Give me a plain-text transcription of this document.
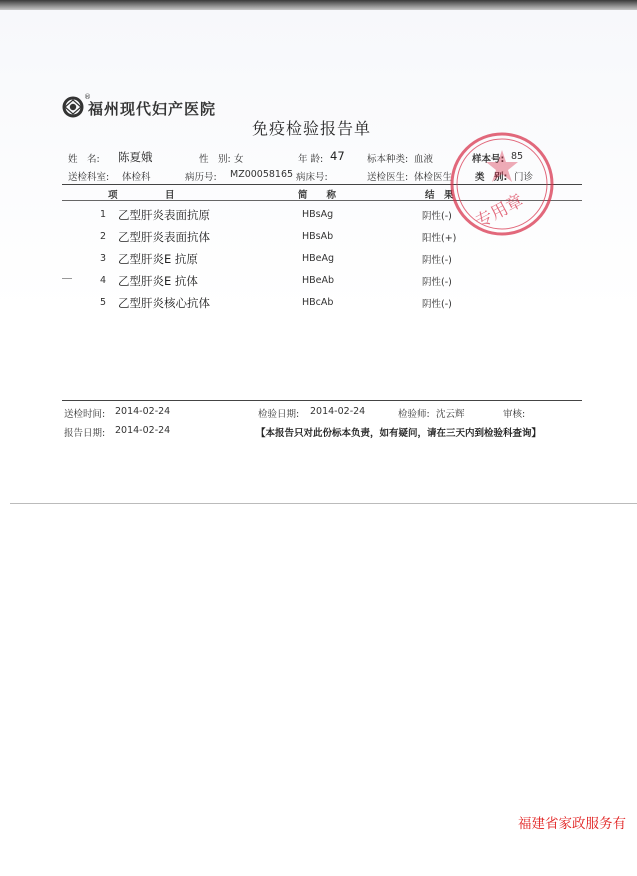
®
福州现代妇产医院
免疫检验报告单
姓　名: 陈夏娥	性　别: 女	年 龄: 47 标本种类: 血液	样本号: 85
送检科室: 体检科	病历号: MZ00058165 病床号:	送检医生: 体检医生 类　别: 门诊
项　　　　　目	简　　称	结　果
1 乙型肝炎表面抗原	HBsAg	阴性(-)
2 乙型肝炎表面抗体	HBsAb	阳性(+)
3 乙型肝炎E 抗原	HBeAg	阴性(-)
4 乙型肝炎E 抗体	HBeAb	阴性(-)
5 乙型肝炎核心抗体	HBcAb	阴性(-)
送检时间: 2014-02-24	检验日期: 2014-02-24	检验师: 沈云辉	审核:
报告日期: 2014-02-24	【本报告只对此份标本负责，如有疑问，请在三天内到检验科查询】
专用章
福建省家政服务有
